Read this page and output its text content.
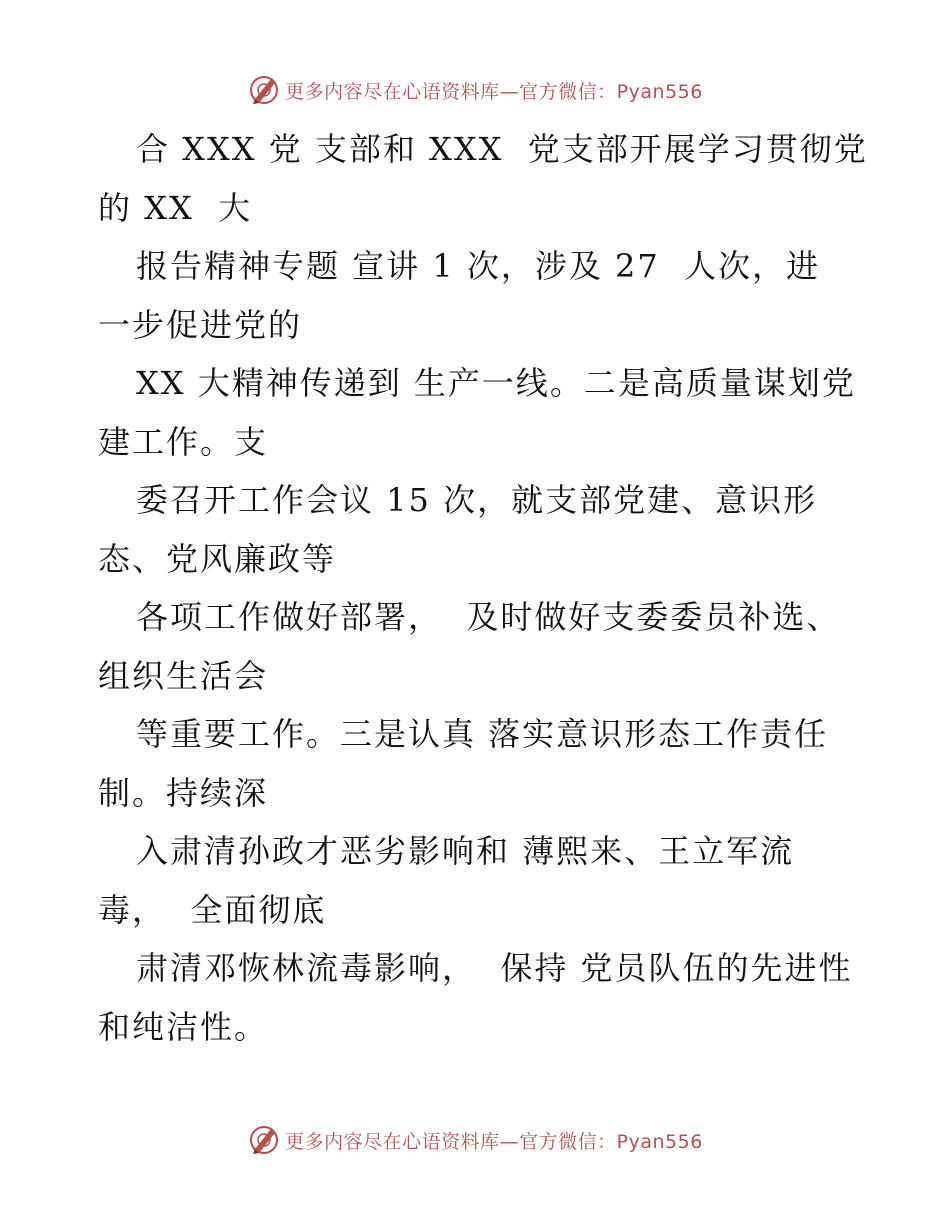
更多内容尽在心语资料库—官方微信：Pyan556
合 XXX 党 支部和 XXX  党支部开展学习贯彻党
的 XX  大
报告精神专题 宣讲 1 次，涉及 27  人次，进
一步促进党的
XX 大精神传递到 生产一线。二是高质量谋划党
建工作。支
委召开工作会议 15 次，就支部党建、意识形
态、党风廉政等
各项工作做好部署，  及时做好支委委员补选、
组织生活会
等重要工作。三是认真 落实意识形态工作责任
制。持续深
入肃清孙政才恶劣影响和 薄熙来、王立军流
毒，  全面彻底
肃清邓恢林流毒影响，  保持 党员队伍的先进性
和纯洁性。
更多内容尽在心语资料库—官方微信：Pyan556
